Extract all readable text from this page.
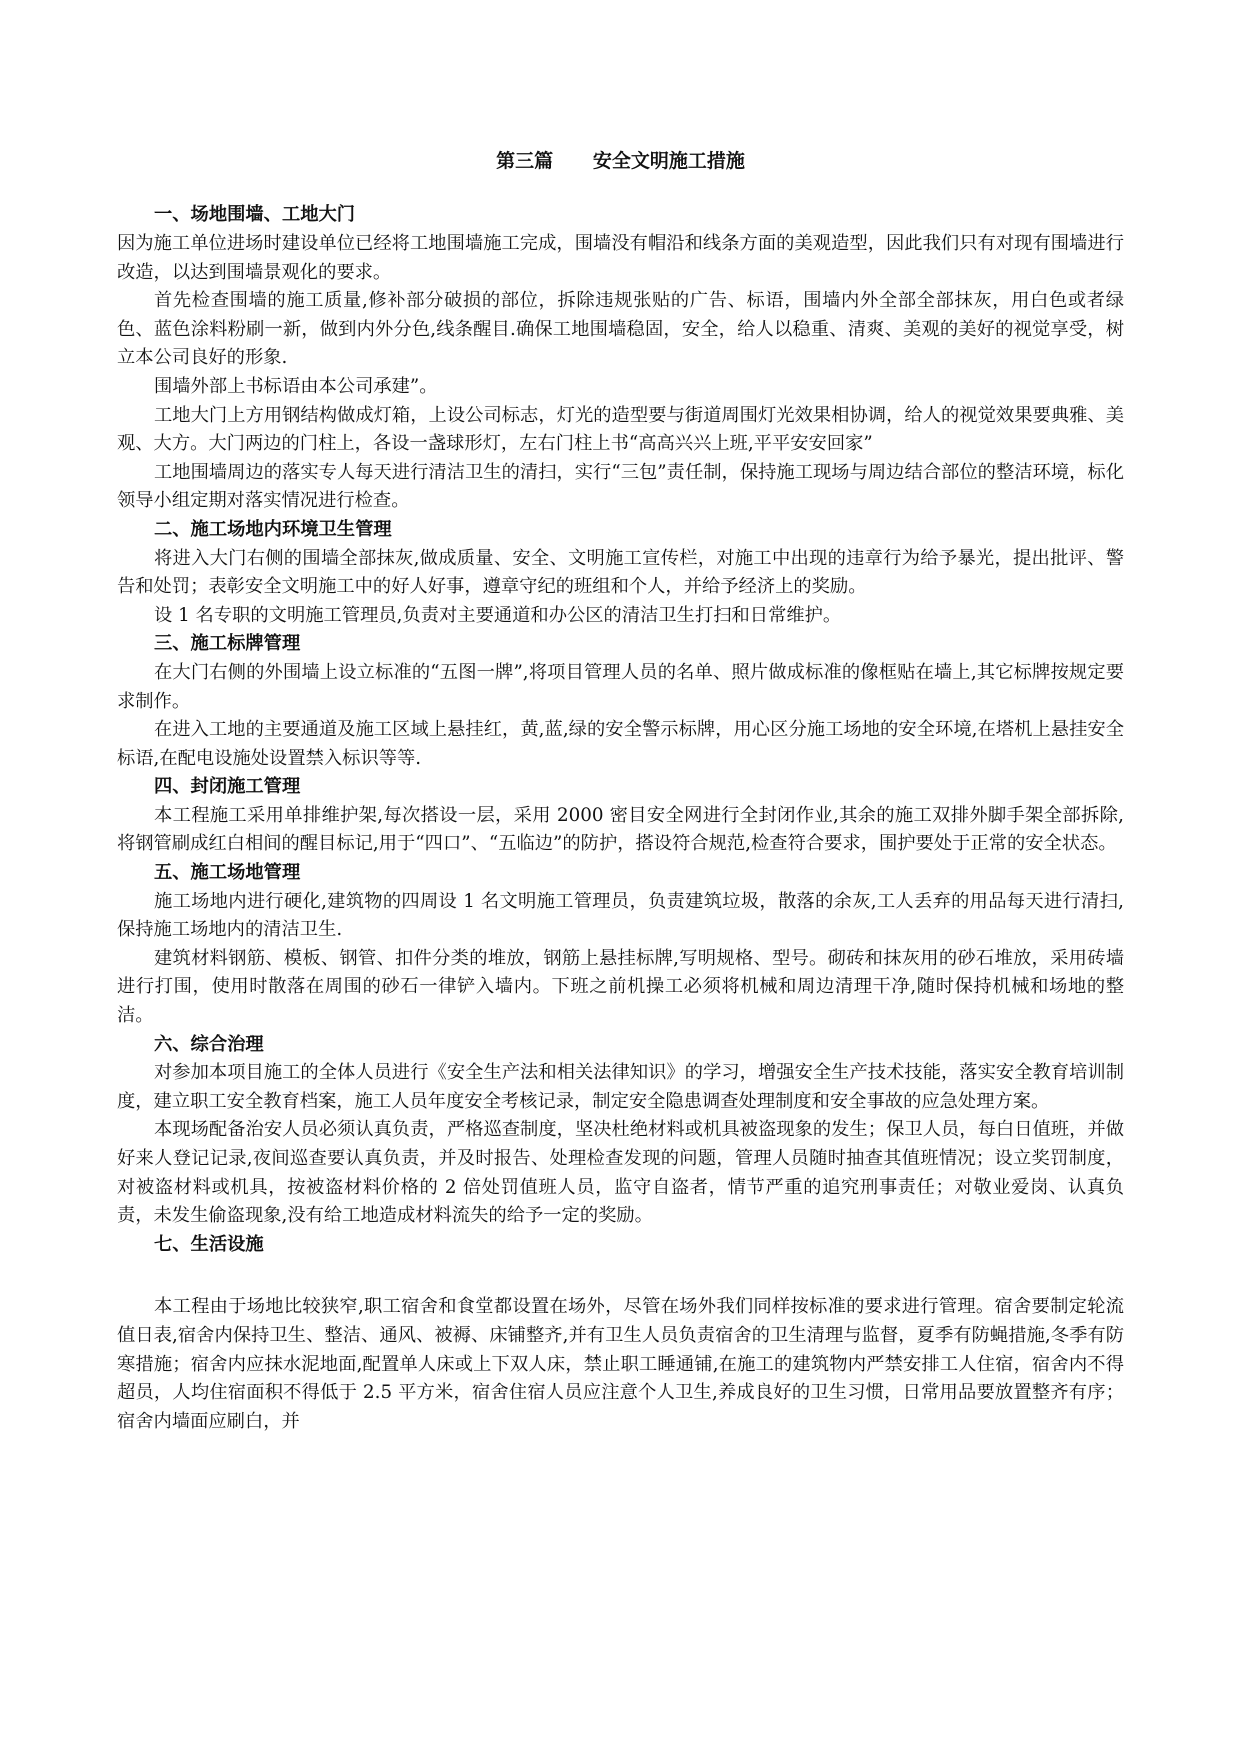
第三篇      安全文明施工措施
一、场地围墙、工地大门

因为施工单位进场时建设单位已经将工地围墙施工完成，围墙没有帽沿和线条方面的美观造型，因此我们只有对现有围墙进行改造，以达到围墙景观化的要求。

首先检查围墙的施工质量,修补部分破损的部位，拆除违规张贴的广告、标语，围墙内外全部全部抹灰，用白色或者绿色、蓝色涂料粉刷一新，做到内外分色,线条醒目.确保工地围墙稳固，安全，给人以稳重、清爽、美观的美好的视觉享受，树立本公司良好的形象.

围墙外部上书标语由本公司承建”。

工地大门上方用钢结构做成灯箱，上设公司标志，灯光的造型要与街道周围灯光效果相协调，给人的视觉效果要典雅、美观、大方。大门两边的门柱上，各设一盏球形灯，左右门柱上书“高高兴兴上班,平平安安回家”

工地围墙周边的落实专人每天进行清洁卫生的清扫，实行“三包”责任制，保持施工现场与周边结合部位的整洁环境，标化领导小组定期对落实情况进行检查。

二、施工场地内环境卫生管理

将进入大门右侧的围墙全部抹灰,做成质量、安全、文明施工宣传栏，对施工中出现的违章行为给予暴光，提出批评、警告和处罚；表彰安全文明施工中的好人好事，遵章守纪的班组和个人，并给予经济上的奖励。

设 1 名专职的文明施工管理员,负责对主要通道和办公区的清洁卫生打扫和日常维护。

三、施工标牌管理

在大门右侧的外围墙上设立标准的“五图一牌”,将项目管理人员的名单、照片做成标准的像框贴在墙上,其它标牌按规定要求制作。

在进入工地的主要通道及施工区域上悬挂红，黄,蓝,绿的安全警示标牌，用心区分施工场地的安全环境,在塔机上悬挂安全标语,在配电设施处设置禁入标识等等.

四、封闭施工管理

本工程施工采用单排维护架,每次搭设一层，采用 2000 密目安全网进行全封闭作业,其余的施工双排外脚手架全部拆除,将钢管刷成红白相间的醒目标记,用于“四口”、“五临边”的防护，搭设符合规范,检查符合要求，围护要处于正常的安全状态。

五、施工场地管理

施工场地内进行硬化,建筑物的四周设 1 名文明施工管理员，负责建筑垃圾，散落的余灰,工人丢弃的用品每天进行清扫,保持施工场地内的清洁卫生.

建筑材料钢筋、模板、钢管、扣件分类的堆放，钢筋上悬挂标牌,写明规格、型号。砌砖和抹灰用的砂石堆放，采用砖墙进行打围，使用时散落在周围的砂石一律铲入墙内。下班之前机操工必须将机械和周边清理干净,随时保持机械和场地的整洁。

六、综合治理

对参加本项目施工的全体人员进行《安全生产法和相关法律知识》的学习，增强安全生产技术技能，落实安全教育培训制度，建立职工安全教育档案，施工人员年度安全考核记录，制定安全隐患调查处理制度和安全事故的应急处理方案。

本现场配备治安人员必须认真负责，严格巡查制度，坚决杜绝材料或机具被盗现象的发生；保卫人员，每白日值班，并做好来人登记记录,夜间巡查要认真负责，并及时报告、处理检查发现的问题，管理人员随时抽查其值班情况；设立奖罚制度，对被盗材料或机具，按被盗材料价格的 2 倍处罚值班人员，监守自盗者，情节严重的追究刑事责任；对敬业爱岗、认真负责，未发生偷盗现象,没有给工地造成材料流失的给予一定的奖励。

七、生活设施

本工程由于场地比较狭窄,职工宿舍和食堂都设置在场外，尽管在场外我们同样按标准的要求进行管理。宿舍要制定轮流值日表,宿舍内保持卫生、整洁、通风、被褥、床铺整齐,并有卫生人员负责宿舍的卫生清理与监督，夏季有防蝇措施,冬季有防寒措施；宿舍内应抹水泥地面,配置单人床或上下双人床，禁止职工睡通铺,在施工的建筑物内严禁安排工人住宿，宿舍内不得超员，人均住宿面积不得低于 2.5 平方米，宿舍住宿人员应注意个人卫生,养成良好的卫生习惯，日常用品要放置整齐有序；宿舍内墙面应刷白，并
